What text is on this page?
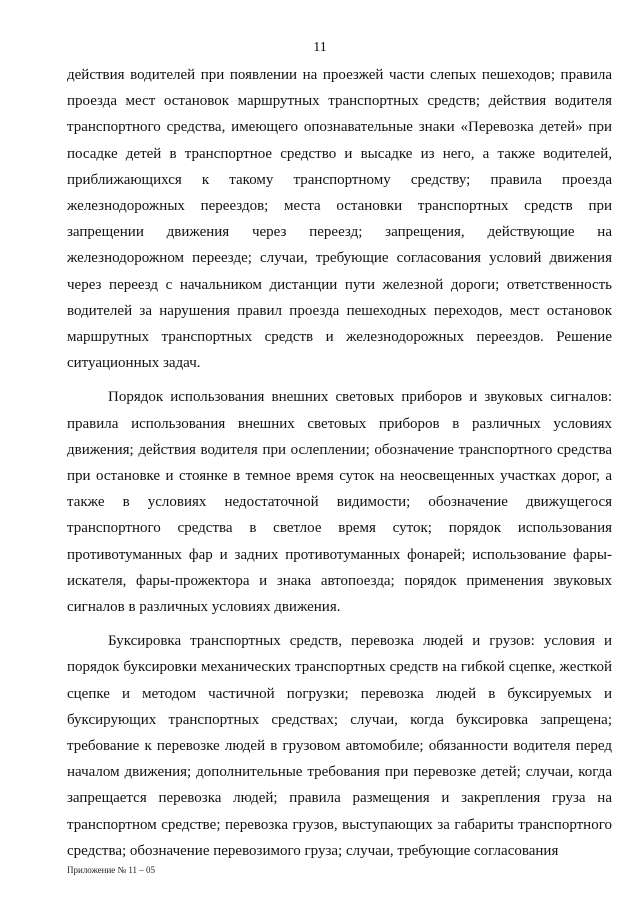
11

действия водителей при появлении на проезжей части слепых пешеходов; правила проезда мест остановок маршрутных транспортных средств; действия водителя транспортного средства, имеющего опознавательные знаки «Перевозка детей» при посадке детей в транспортное средство и высадке из него, а также водителей, приближающихся к такому транспортному средству; правила проезда железнодорожных переездов; места остановки транспортных средств при запрещении движения через переезд; запрещения, действующие на железнодорожном переезде; случаи, требующие согласования условий движения через переезд с начальником дистанции пути железной дороги; ответственность водителей за нарушения правил проезда пешеходных переходов, мест остановок маршрутных транспортных средств и железнодорожных переездов. Решение ситуационных задач.

Порядок использования внешних световых приборов и звуковых сигналов: правила использования внешних световых приборов в различных условиях движения; действия водителя при ослеплении; обозначение транспортного средства при остановке и стоянке в темное время суток на неосвещенных участках дорог, а также в условиях недостаточной видимости; обозначение движущегося транспортного средства в светлое время суток; порядок использования противотуманных фар и задних противотуманных фонарей; использование фары-искателя, фары-прожектора и знака автопоезда; порядок применения звуковых сигналов в различных условиях движения.

Буксировка транспортных средств, перевозка людей и грузов: условия и порядок буксировки механических транспортных средств на гибкой сцепке, жесткой сцепке и методом частичной погрузки; перевозка людей в буксируемых и буксирующих транспортных средствах; случаи, когда буксировка запрещена; требование к перевозке людей в грузовом автомобиле; обязанности водителя перед началом движения; дополнительные требования при перевозке детей; случаи, когда запрещается перевозка людей; правила размещения и закрепления груза на транспортном средстве; перевозка грузов, выступающих за габариты транспортного средства; обозначение перевозимого груза; случаи, требующие согласования

Приложение № 11 – 05
